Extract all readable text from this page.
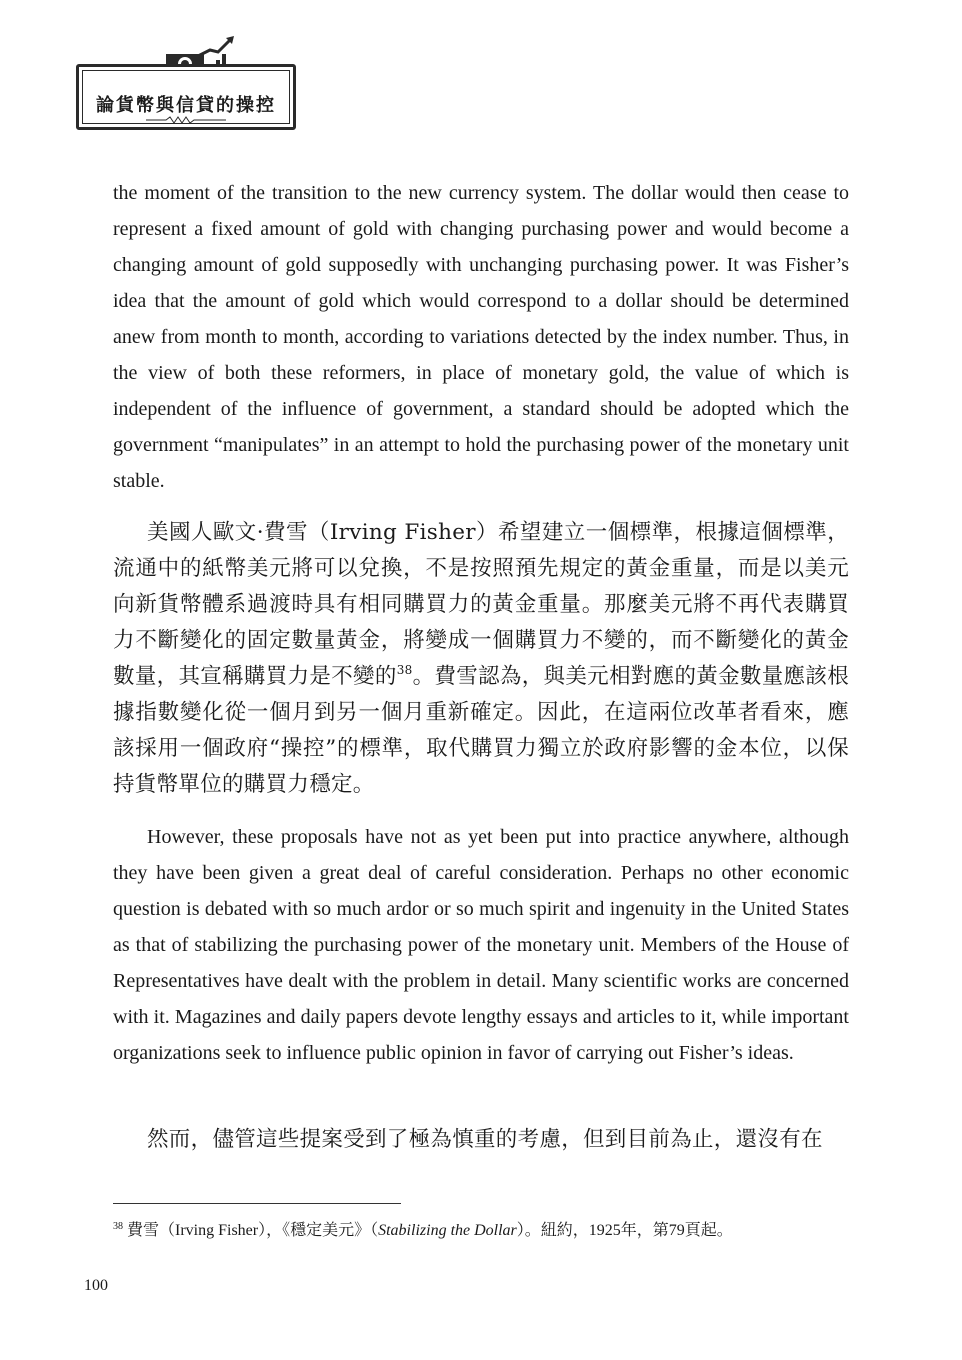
論貨幣與信貸的操控

the moment of the transition to the new currency system. The dollar would then cease to represent a fixed amount of gold with changing purchasing power and would become a changing amount of gold supposedly with unchanging purchasing power. It was Fisher’s idea that the amount of gold which would correspond to a dollar should be determined anew from month to month, according to variations detected by the index number. Thus, in the view of both these reformers, in place of monetary gold, the value of which is independent of the influence of government, a standard should be adopted which the government “manipulates” in an attempt to hold the purchasing power of the monetary unit stable.

美國人歐文·費雪（Irving Fisher）希望建立一個標準，根據這個標準，流通中的紙幣美元將可以兌換，不是按照預先規定的黃金重量，而是以美元向新貨幣體系過渡時具有相同購買力的黃金重量。那麼美元將不再代表購買力不斷變化的固定數量黃金，將變成一個購買力不變的，而不斷變化的黃金數量，其宣稱購買力是不變的$^{38}$。費雪認為，與美元相對應的黃金數量應該根據指數變化從一個月到另一個月重新確定。因此，在這兩位改革者看來，應該採用一個政府“操控”的標準，取代購買力獨立於政府影響的金本位，以保持貨幣單位的購買力穩定。

However, these proposals have not as yet been put into practice anywhere, although they have been given a great deal of careful consideration. Perhaps no other economic question is debated with so much ardor or so much spirit and ingenuity in the United States as that of stabilizing the purchasing power of the monetary unit. Members of the House of Representatives have dealt with the problem in detail. Many scientific works are concerned with it. Magazines and daily papers devote lengthy essays and articles to it, while important organizations seek to influence public opinion in favor of carrying out Fisher’s ideas.

然而，儘管這些提案受到了極為慎重的考慮，但到目前為止，還沒有在

$^{38}$ 費雪（Irving Fisher），《穩定美元》（Stabilizing the Dollar）。紐約，1925年，第79頁起。
100
